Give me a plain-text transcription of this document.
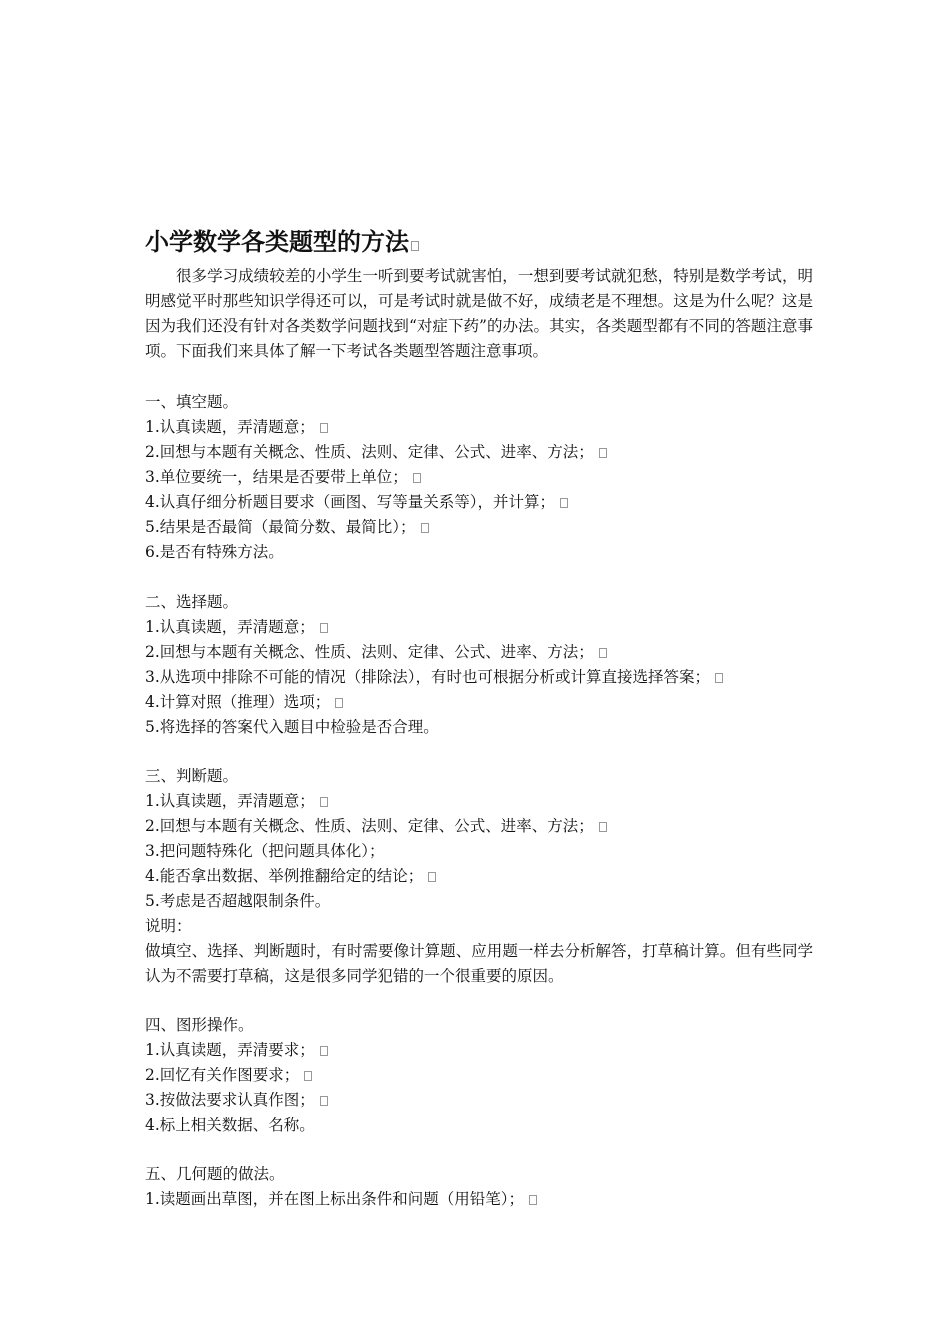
小学数学各类题型的方法

很多学习成绩较差的小学生一听到要考试就害怕，一想到要考试就犯愁，特别是数学考试，明明感觉平时那些知识学得还可以，可是考试时就是做不好，成绩老是不理想。这是为什么呢？这是因为我们还没有针对各类数学问题找到“对症下药”的办法。其实，各类题型都有不同的答题注意事项。下面我们来具体了解一下考试各类题型答题注意事项。

一、填空题。

1.认真读题，弄清题意；

2.回想与本题有关概念、性质、法则、定律、公式、进率、方法；

3.单位要统一，结果是否要带上单位；

4.认真仔细分析题目要求（画图、写等量关系等），并计算；

5.结果是否最简（最简分数、最简比）；

6.是否有特殊方法。

二、选择题。

1.认真读题，弄清题意；

2.回想与本题有关概念、性质、法则、定律、公式、进率、方法；

3.从选项中排除不可能的情况（排除法），有时也可根据分析或计算直接选择答案；

4.计算对照（推理）选项；

5.将选择的答案代入题目中检验是否合理。

三、判断题。

1.认真读题，弄清题意；

2.回想与本题有关概念、性质、法则、定律、公式、进率、方法；

3.把问题特殊化（把问题具体化）；

4.能否拿出数据、举例推翻给定的结论；

5.考虑是否超越限制条件。

说明：

做填空、选择、判断题时，有时需要像计算题、应用题一样去分析解答，打草稿计算。但有些同学认为不需要打草稿，这是很多同学犯错的一个很重要的原因。

四、图形操作。

1.认真读题，弄清要求；

2.回忆有关作图要求；

3.按做法要求认真作图；

4.标上相关数据、名称。

五、几何题的做法。

1.读题画出草图，并在图上标出条件和问题（用铅笔）；
